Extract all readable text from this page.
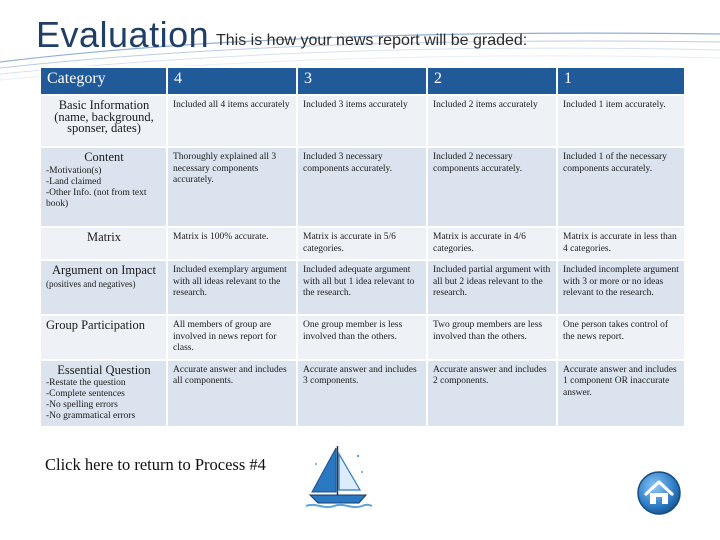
Evaluation This is how your news report will be graded:
Category	4	3	2	1

Basic Information (name, background, sponser, dates)	Included all 4 items accurately	Included 3 items accurately	Included 2 items accurately	Included 1 item accurately.

Content
-Motivation(s)
-Land claimed
-Other Info. (not from text book)	Thoroughly explained all 3 necessary components accurately.	Included 3 necessary components accurately.	Included 2 necessary components accurately.	Included 1 of the necessary components accurately.

Matrix	Matrix is 100% accurate.	Matrix is accurate in 5/6 categories.	Matrix is accurate in 4/6 categories.	Matrix is accurate in less than 4 categories.

Argument on Impact
(positives and negatives)	Included exemplary argument with all ideas relevant to the research.	Included adequate argument with all but 1 idea relevant to the research.	Included partial argument with all but 2 ideas relevant to the research.	Included incomplete argument with 3 or more or no ideas relevant to the research.

Group Participation	All members of group are involved in news report for class.	One group member is less involved than the others.	Two group members are less involved than the others.	One person takes control of the news report.

Essential Question
-Restate the question
-Complete sentences
-No spelling errors
-No grammatical errors	Accurate answer and includes all components.	Accurate answer and includes 3 components.	Accurate answer and includes 2 components.	Accurate answer and includes 1 component OR inaccurate answer.
Click here to return to Process #4
